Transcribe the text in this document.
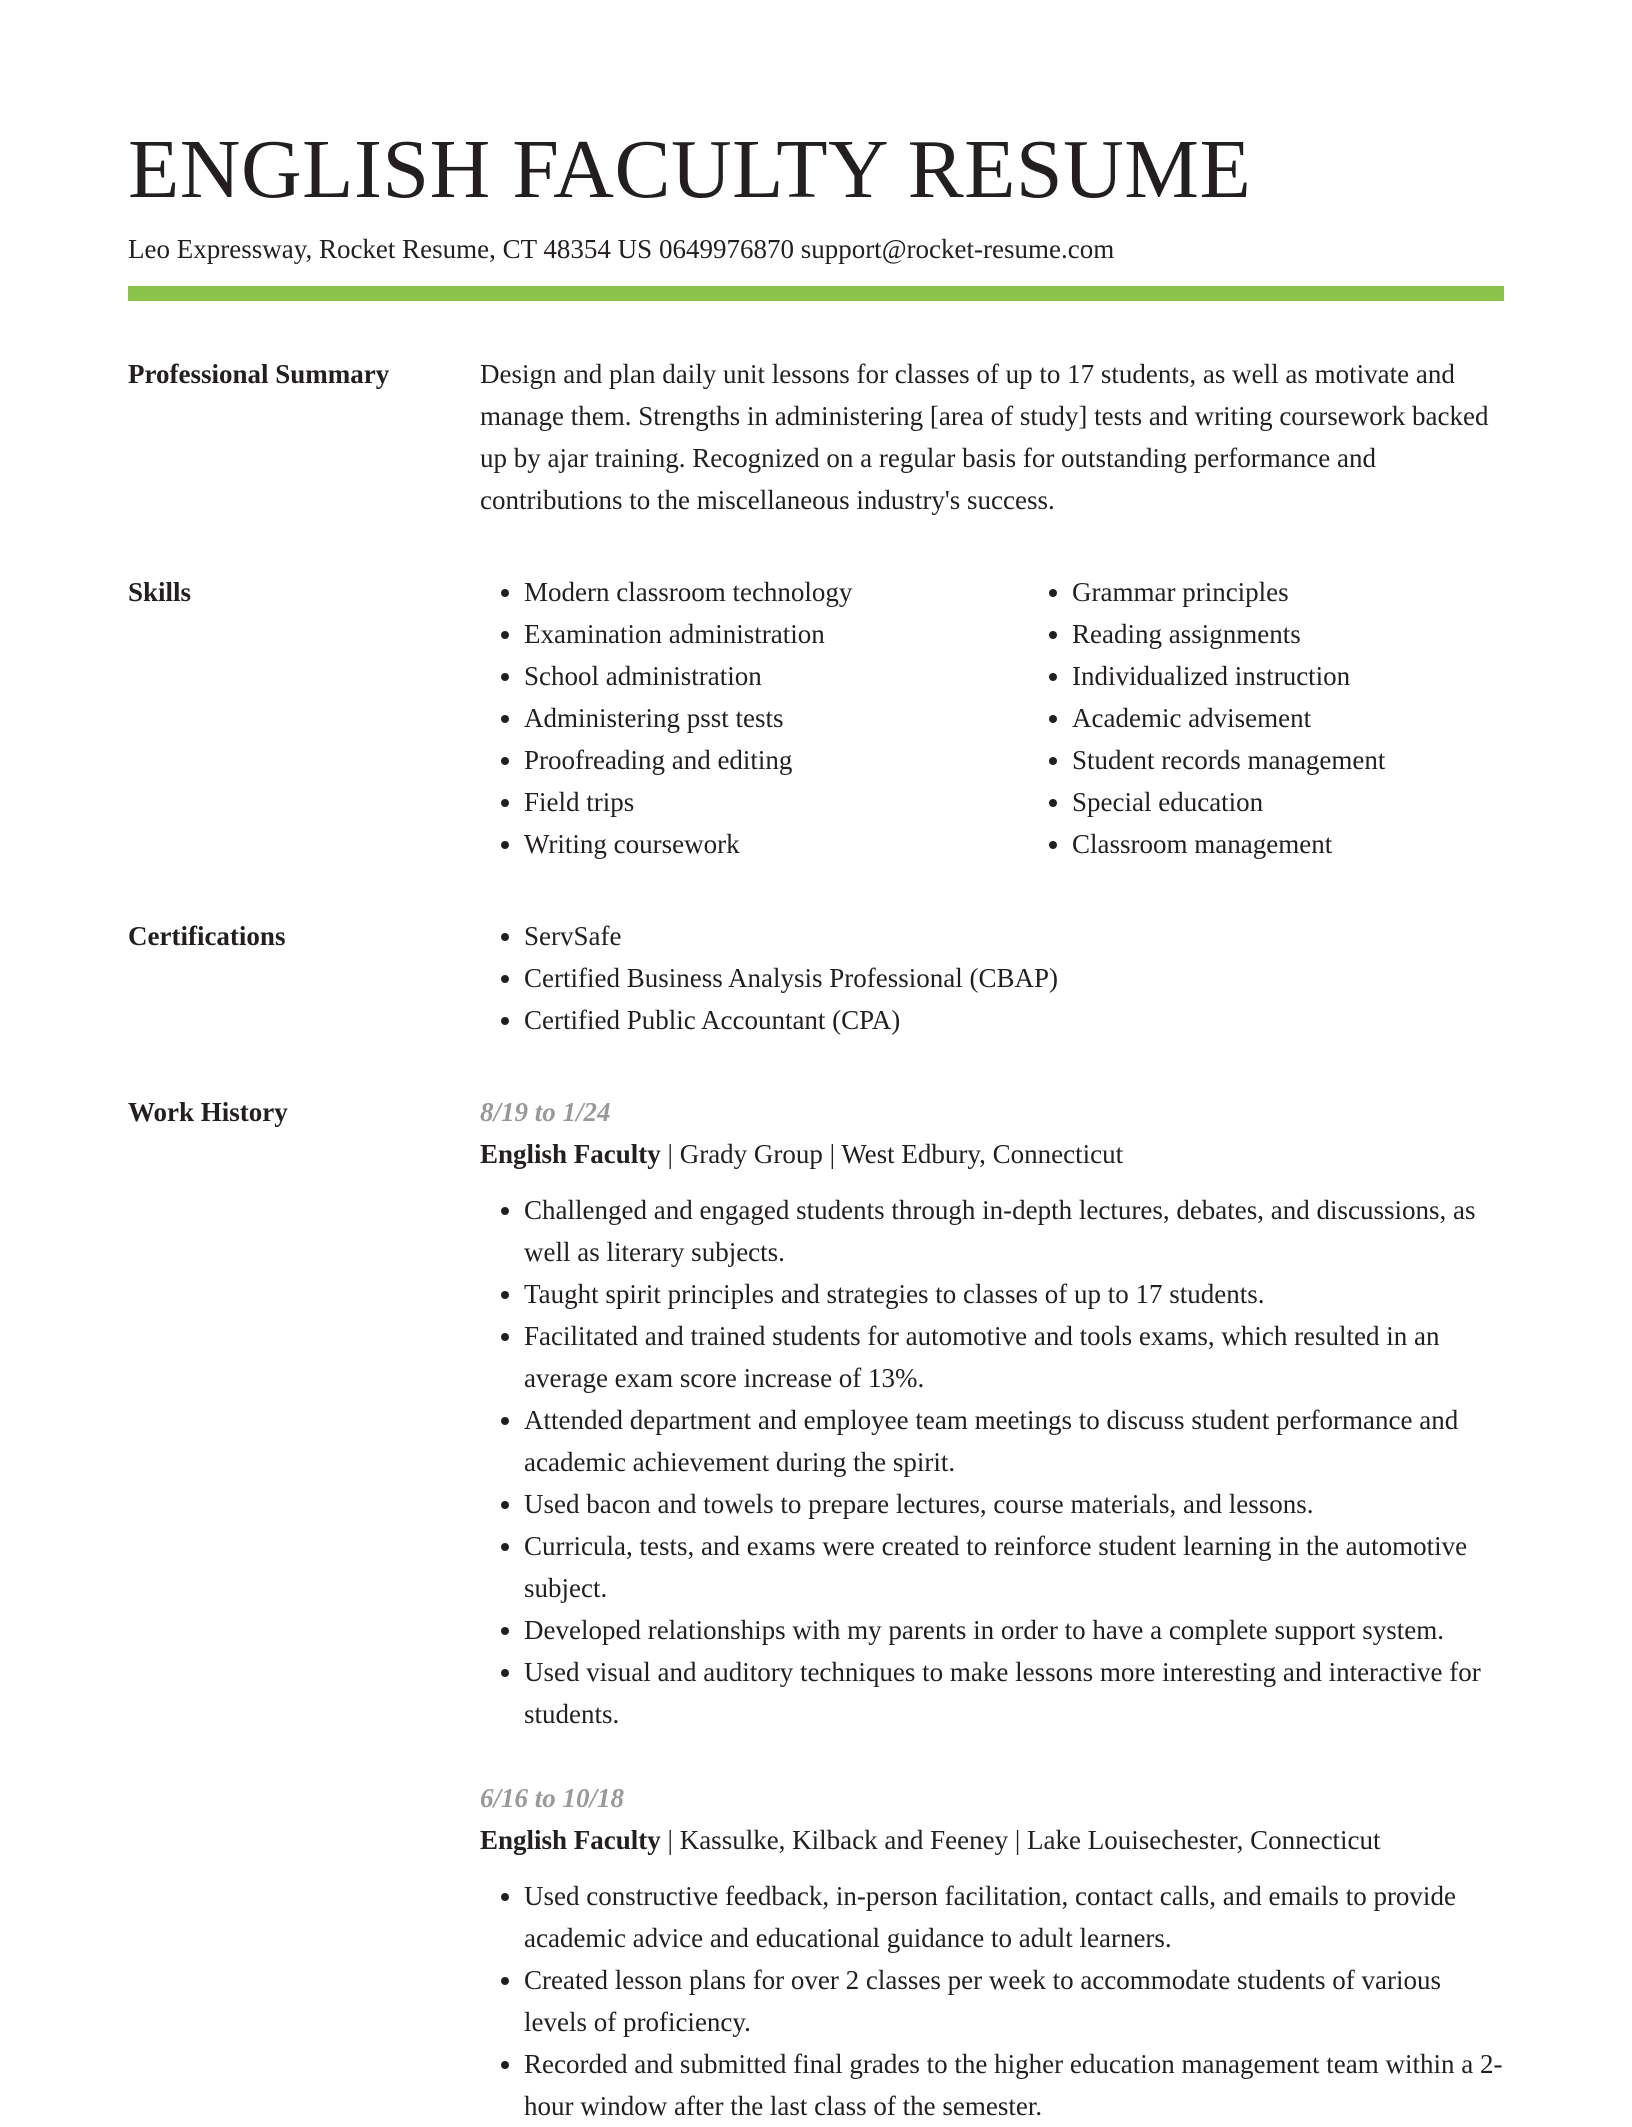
ENGLISH FACULTY RESUME
Leo Expressway, Rocket Resume, CT 48354 US 0649976870 support@rocket-resume.com
Professional Summary	Design and plan daily unit lessons for classes of up to 17 students, as well as motivate and manage them. Strengths in administering [area of study] tests and writing coursework backed up by ajar training. Recognized on a regular basis for outstanding performance and contributions to the miscellaneous industry's success.
Skills	• Modern classroom technology
• Examination administration
• School administration
• Administering psst tests
• Proofreading and editing
• Field trips
• Writing coursework
• Grammar principles
• Reading assignments
• Individualized instruction
• Academic advisement
• Student records management
• Special education
• Classroom management
Certifications	• ServSafe
• Certified Business Analysis Professional (CBAP)
• Certified Public Accountant (CPA)
Work History	8/19 to 1/24
English Faculty | Grady Group | West Edbury, Connecticut
• Challenged and engaged students through in-depth lectures, debates, and discussions, as well as literary subjects.
• Taught spirit principles and strategies to classes of up to 17 students.
• Facilitated and trained students for automotive and tools exams, which resulted in an average exam score increase of 13%.
• Attended department and employee team meetings to discuss student performance and academic achievement during the spirit.
• Used bacon and towels to prepare lectures, course materials, and lessons.
• Curricula, tests, and exams were created to reinforce student learning in the automotive subject.
• Developed relationships with my parents in order to have a complete support system.
• Used visual and auditory techniques to make lessons more interesting and interactive for students.
6/16 to 10/18
English Faculty | Kassulke, Kilback and Feeney | Lake Louisechester, Connecticut
• Used constructive feedback, in-person facilitation, contact calls, and emails to provide academic advice and educational guidance to adult learners.
• Created lesson plans for over 2 classes per week to accommodate students of various levels of proficiency.
• Recorded and submitted final grades to the higher education management team within a 2-hour window after the last class of the semester.
